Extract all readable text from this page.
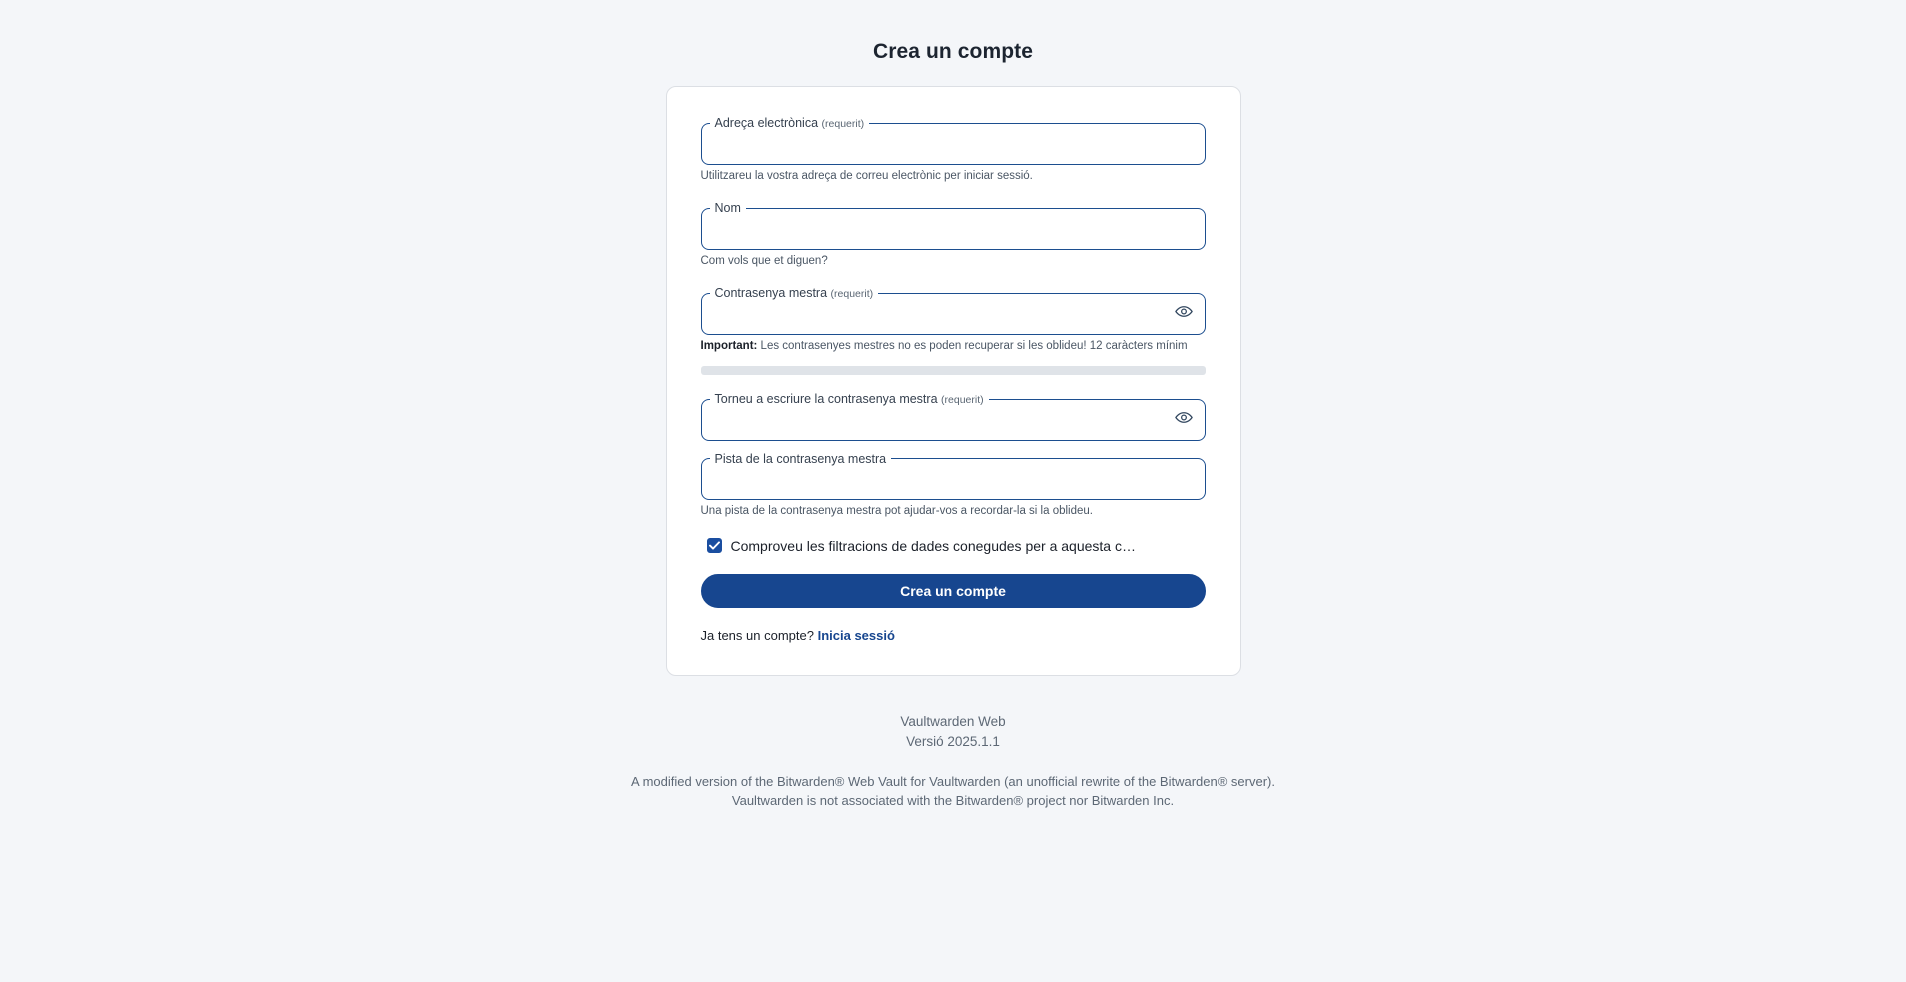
Crea un compte
Adreça electrònica (requerit)
Utilitzareu la vostra adreça de correu electrònic per iniciar sessió.
Nom
Com vols que et diguen?
Contrasenya mestra (requerit)
Important: Les contrasenyes mestres no es poden recuperar si les oblideu! 12 caràcters mínim
Torneu a escriure la contrasenya mestra (requerit)
Pista de la contrasenya mestra
Una pista de la contrasenya mestra pot ajudar-vos a recordar-la si la oblideu.
Comproveu les filtracions de dades conegudes per a aquesta c…
Crea un compte
Ja tens un compte? Inicia sessió
Vaultwarden Web
Versió 2025.1.1
A modified version of the Bitwarden® Web Vault for Vaultwarden (an unofficial rewrite of the Bitwarden® server).
Vaultwarden is not associated with the Bitwarden® project nor Bitwarden Inc.
